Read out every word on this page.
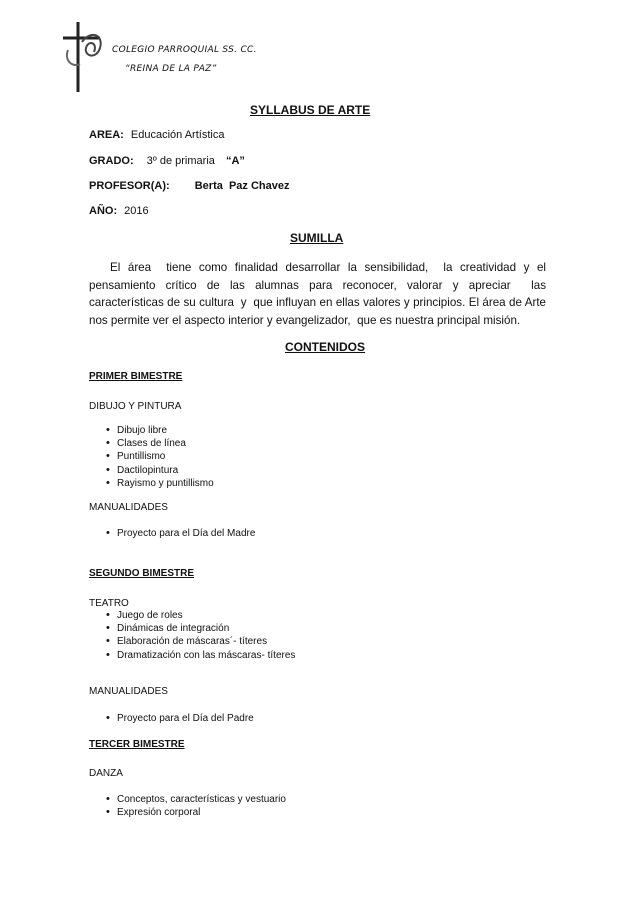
COLEGIO PARROQUIAL SS. CC.
“REINA DE LA PAZ”
SYLLABUS DE ARTE
AREA: Educación Artística
GRADO: 3º de primaria “A”
PROFESOR(A): Berta  Paz Chavez
AÑO: 2016
SUMILLA
El área  tiene como finalidad desarrollar la sensibilidad,  la creatividad y el pensamiento crítico de las alumnas para reconocer, valorar y apreciar  las características de su cultura  y  que influyan en ellas valores y principios. El área de Arte nos permite ver el aspecto interior y evangelizador,  que es nuestra principal misión.
CONTENIDOS
PRIMER BIMESTRE
DIBUJO Y PINTURA
• Dibujo libre
• Clases de línea
• Puntillismo
• Dactilopintura
• Rayismo y puntillismo
MANUALIDADES
• Proyecto para el Día del Madre
SEGUNDO BIMESTRE
TEATRO
• Juego de roles
• Dinámicas de integración
• Elaboración de máscaras´- títeres
• Dramatización con las máscaras- títeres
MANUALIDADES
• Proyecto para el Día del Padre
TERCER BIMESTRE
DANZA
• Conceptos, características y vestuario
• Expresión corporal
